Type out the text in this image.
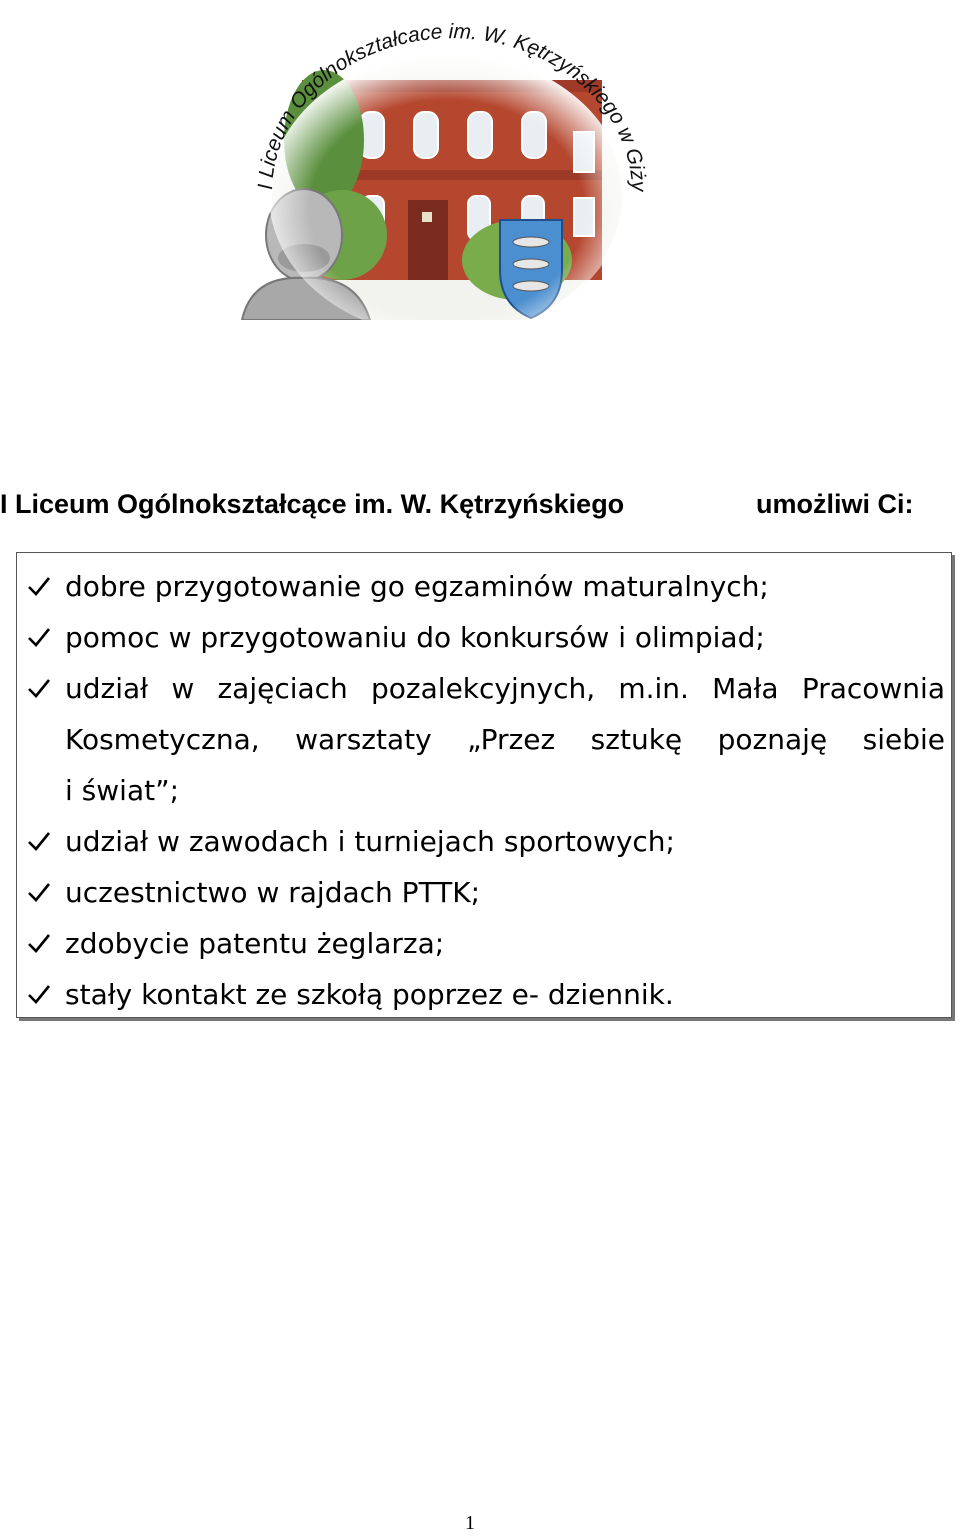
I Liceum Ogólnokształcace im. W. Kętrzyńskiego w Giży
I Liceum Ogólnokształcące im. W. Kętrzyńskiego	umożliwi Ci:
dobre przygotowanie go egzaminów maturalnych;
pomoc w przygotowaniu do konkursów i olimpiad;
udział w zajęciach pozalekcyjnych, m.in. Mała Pracownia
Kosmetyczna, warsztaty „Przez sztukę poznaję siebie
i świat”;
udział w zawodach i turniejach sportowych;
uczestnictwo w rajdach PTTK;
zdobycie patentu żeglarza;
stały kontakt ze szkołą poprzez e- dziennik.
1
